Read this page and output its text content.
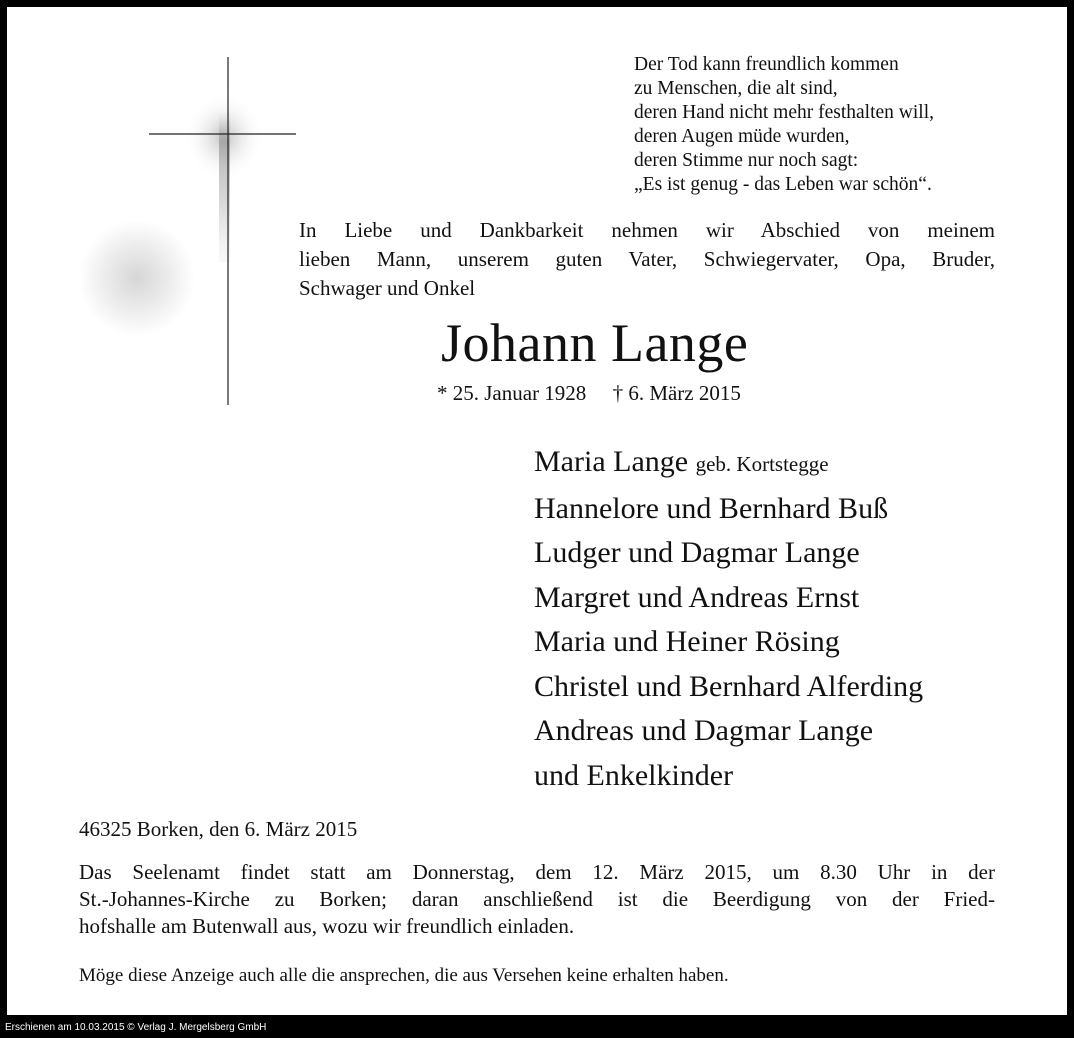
Der Tod kann freundlich kommen
zu Menschen, die alt sind,
deren Hand nicht mehr festhalten will,
deren Augen müde wurden,
deren Stimme nur noch sagt:
„Es ist genug - das Leben war schön“.
In Liebe und Dankbarkeit nehmen wir Abschied von meinem
lieben Mann, unserem guten Vater, Schwiegervater, Opa, Bruder,
Schwager und Onkel
Johann Lange
* 25. Januar 1928 † 6. März 2015
Maria Lange geb. Kortstegge
Hannelore und Bernhard Buß
Ludger und Dagmar Lange
Margret und Andreas Ernst
Maria und Heiner Rösing
Christel und Bernhard Alferding
Andreas und Dagmar Lange
und Enkelkinder
46325 Borken, den 6. März 2015
Das Seelenamt findet statt am Donnerstag, dem 12. März 2015, um 8.30 Uhr in der
St.-Johannes-Kirche zu Borken; daran anschließend ist die Beerdigung von der Fried-
hofshalle am Butenwall aus, wozu wir freundlich einladen.
Möge diese Anzeige auch alle die ansprechen, die aus Versehen keine erhalten haben.
Erschienen am 10.03.2015 © Verlag J. Mergelsberg GmbH
